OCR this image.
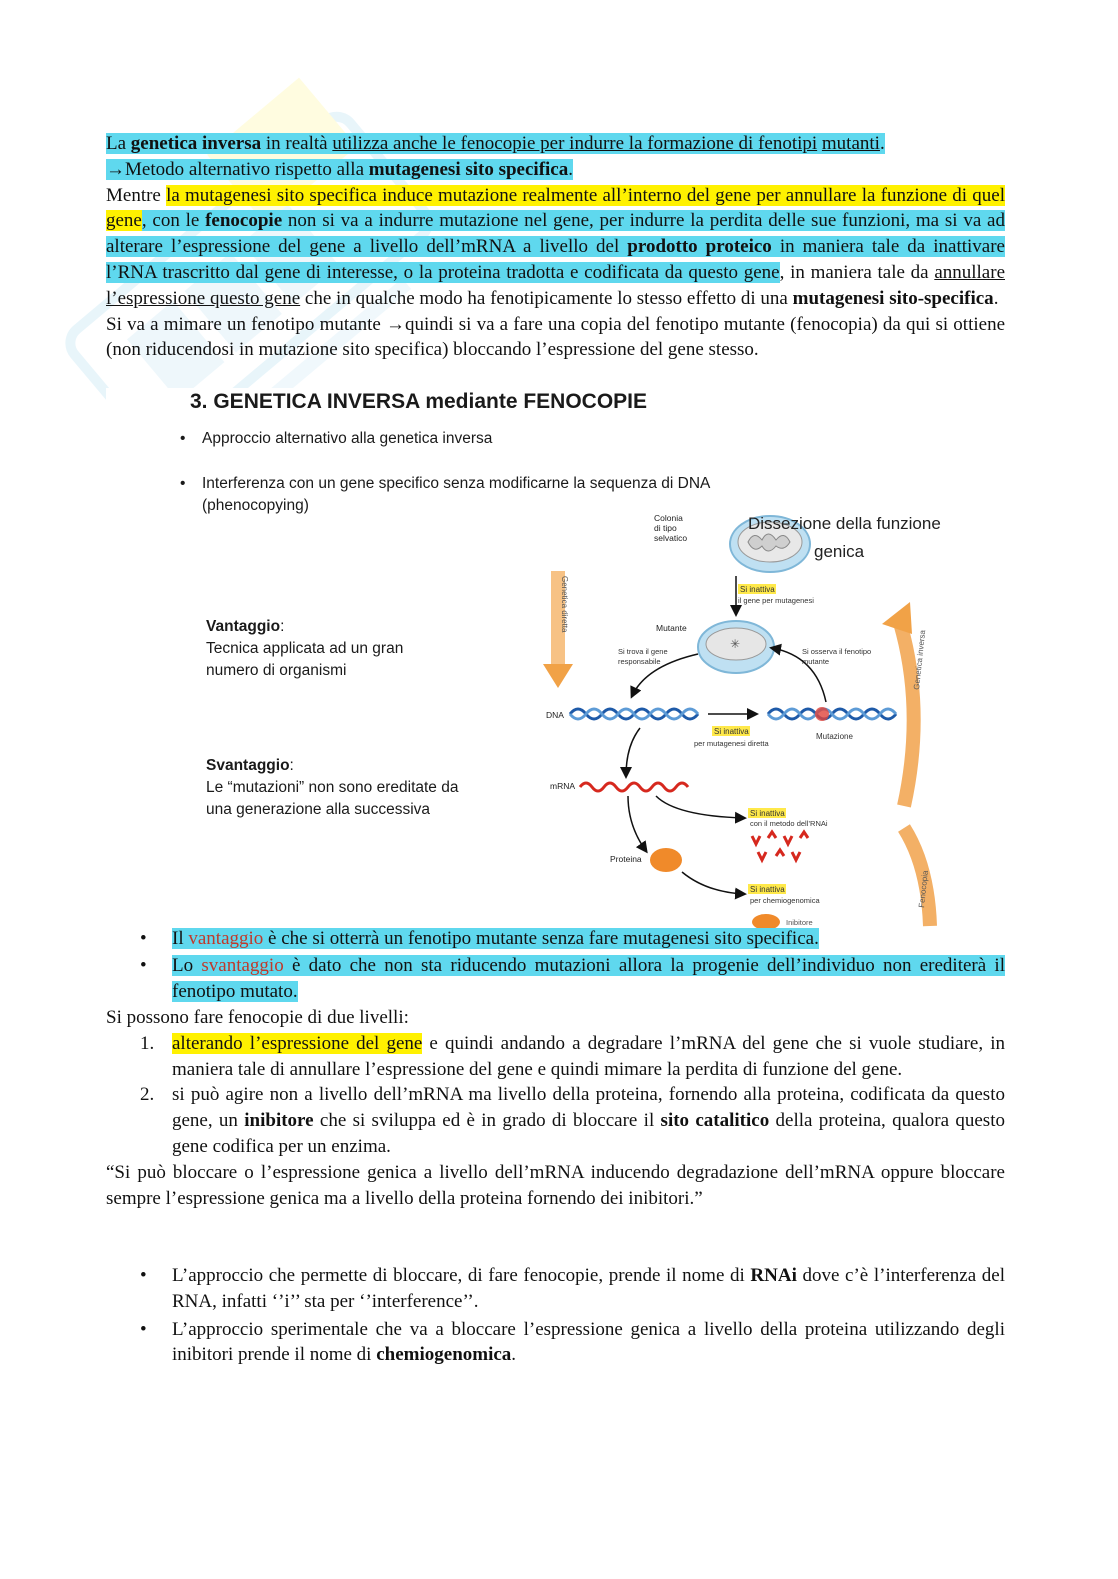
La genetica inversa in realtà utilizza anche le fenocopie per indurre la formazione di fenotipi mutanti.

→Metodo alternativo rispetto alla mutagenesi sito specifica.

Mentre la mutagenesi sito specifica induce mutazione realmente all’interno del gene per annullare la funzione di quel gene, con le fenocopie non si va a indurre mutazione nel gene, per indurre la perdita delle sue funzioni, ma si va ad alterare l’espressione del gene a livello dell’mRNA a livello del prodotto proteico in maniera tale da inattivare l’RNA trascritto dal gene di interesse, o la proteina tradotta e codificata da questo gene, in maniera tale da annullare l’espressione questo gene che in qualche modo ha fenotipicamente lo stesso effetto di una mutagenesi sito-specifica.

Si va a mimare un fenotipo mutante →quindi si va a fare una copia del fenotipo mutante (fenocopia) da qui si ottiene (non riducendosi in mutazione sito specifica) bloccando l’espressione del gene stesso.

3. GENETICA INVERSA mediante FENOCOPIE
• Approccio alternativo alla genetica inversa
• Interferenza con un gene specifico senza modificarne la sequenza di DNA
(phenocopying)
Vantaggio:
Tecnica applicata ad un gran
numero di organismi
Svantaggio:
Le “mutazioni” non sono ereditate da
una generazione alla successiva
Colonia di tipo selvatico
Dissezione della funzione
genica
Si inattiva
il gene per mutagenesi
Genetica diretta
✳
Mutante
Si trova il gene responsabile
Si osserva il fenotipo mutante
DNA
Si inattiva
per mutagenesi diretta
Mutazione
Genetica inversa
Fenocopia
mRNA
Si inattiva
con il metodo dell’RNAi
Proteina
Si inattiva
per chemiogenomica
Inibitore
• Il vantaggio è che si otterrà un fenotipo mutante senza fare mutagenesi sito specifica.
• Lo svantaggio è dato che non sta riducendo mutazioni allora la progenie dell’individuo non erediterà il fenotipo mutato.

Si possono fare fenocopie di due livelli:

1. alterando l’espressione del gene e quindi andando a degradare l’mRNA del gene che si vuole studiare, in maniera tale di annullare l’espressione del gene e quindi mimare la perdita di funzione del gene.
2. si può agire non a livello dell’mRNA ma livello della proteina, fornendo alla proteina, codificata da questo gene, un inibitore che si sviluppa ed è in grado di bloccare il sito catalitico della proteina, qualora questo gene codifica per un enzima.

“Si può bloccare o l’espressione genica a livello dell’mRNA inducendo degradazione dell’mRNA oppure bloccare sempre l’espressione genica ma a livello della proteina fornendo dei inibitori.”

• L’approccio che permette di bloccare, di fare fenocopie, prende il nome di RNAi dove c’è l’interferenza del RNA, infatti ‘’i’’ sta per ‘’interference’’.
• L’approccio sperimentale che va a bloccare l’espressione genica a livello della proteina utilizzando degli inibitori prende il nome di chemiogenomica.
